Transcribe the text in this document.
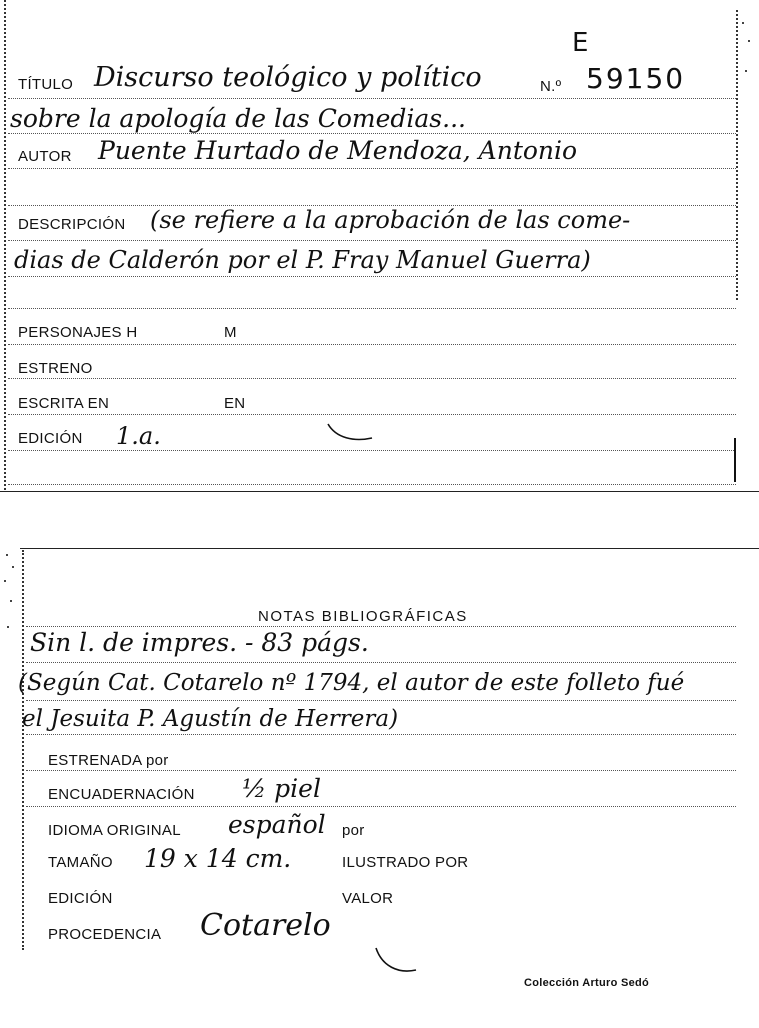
E
TÍTULO Discurso teológico y político	N.º 59150
sobre la apología de las Comedias...
AUTOR Puente Hurtado de Mendoza, Antonio
DESCRIPCIÓN (se refiere a la aprobación de las come-
dias de Calderón por el P. Fray Manuel Guerra)
PERSONAJES H	M
ESTRENO
ESCRITA EN	EN
EDICIÓN 1.a.
NOTAS BIBLIOGRÁFICAS
Sin l. de impres. - 83 págs.
(Según Cat. Cotarelo nº 1794, el autor de este folleto fué
el Jesuita P. Agustín de Herrera)
ESTRENADA por
ENCUADERNACIÓN ½ piel
IDIOMA ORIGINAL español por
TAMAÑO 19 x 14 cm.	ILUSTRADO POR
EDICIÓN	VALOR
PROCEDENCIA Cotarelo
Colección Arturo Sedó
